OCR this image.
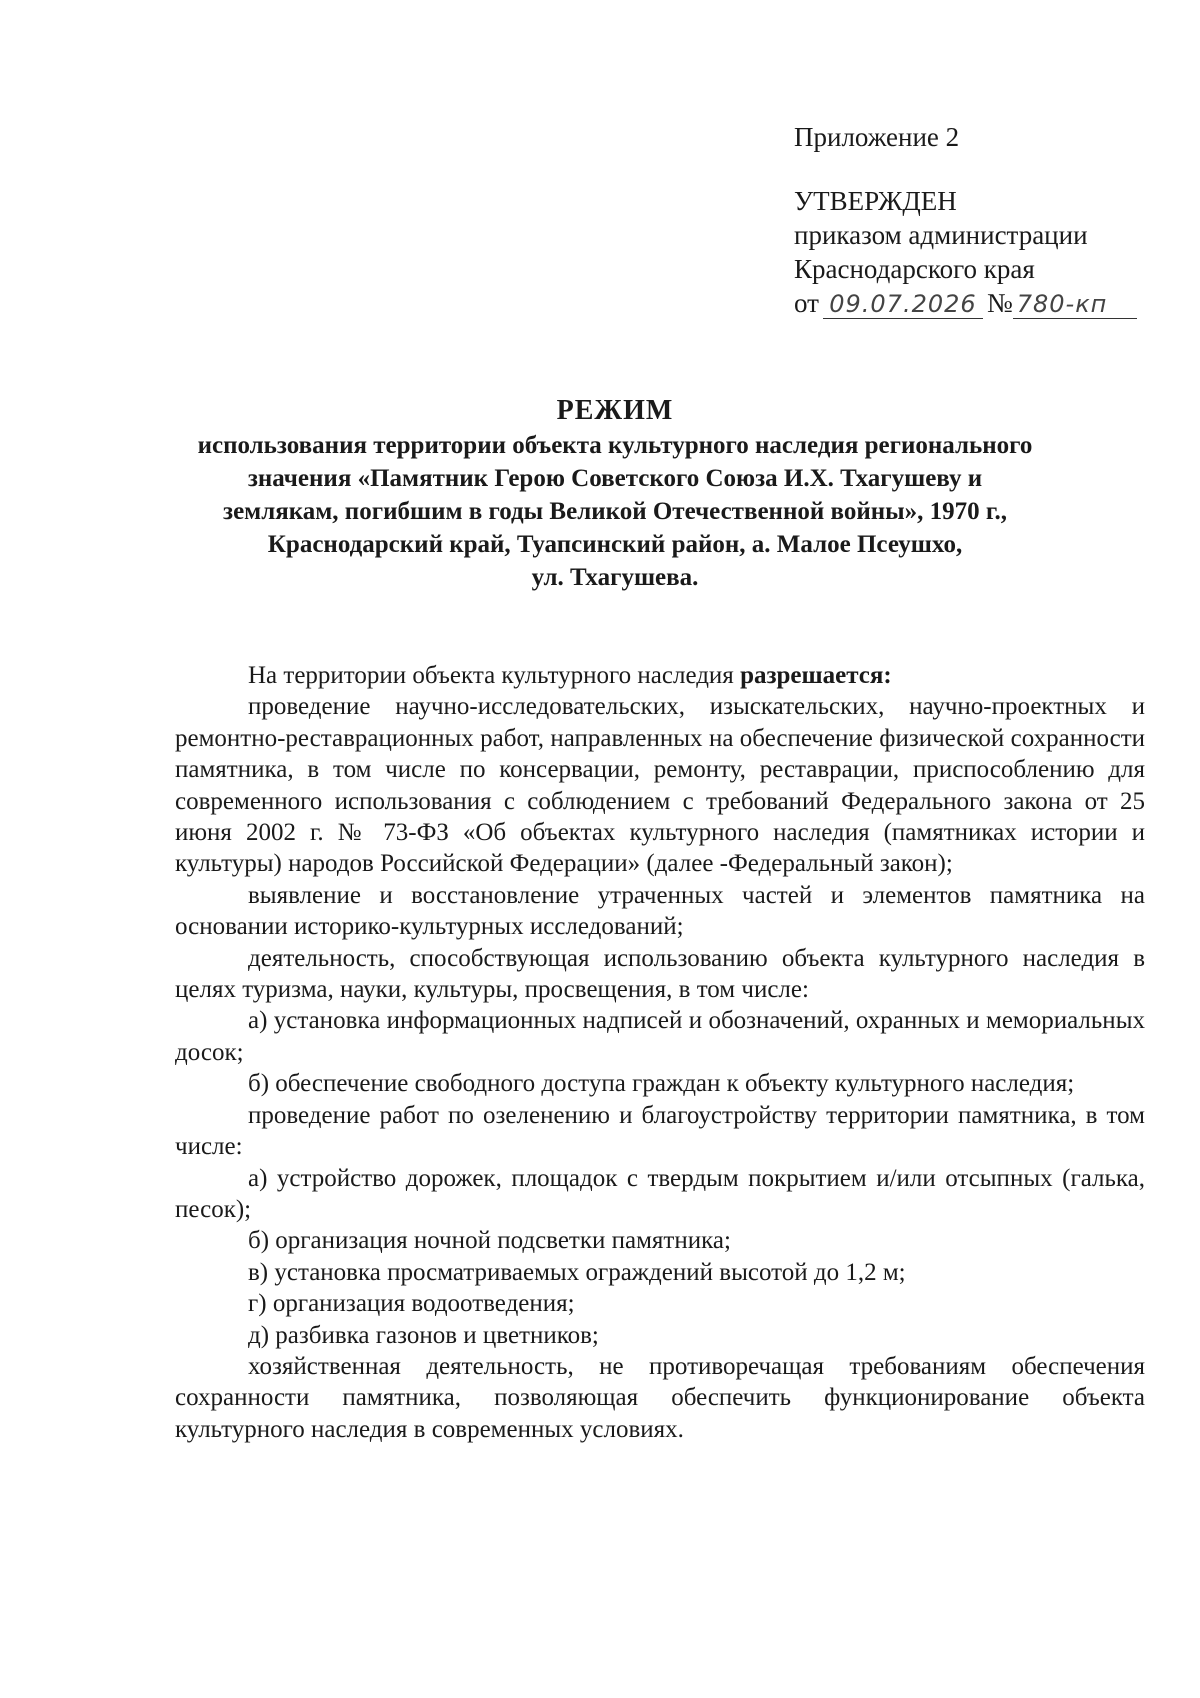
Приложение 2
УТВЕРЖДЕН
приказом администрации
Краснодарского края
от 09.07.2026 № 780-кп
РЕЖИМ
использования территории объекта культурного наследия регионального
значения «Памятник Герою Советского Союза И.Х. Тхагушеву и
землякам, погибшим в годы Великой Отечественной войны», 1970 г.,
Краснодарский край, Туапсинский район, а. Малое Псеушхо,
ул. Тхагушева.

На территории объекта культурного наследия разрешается:

проведение научно-исследовательских, изыскательских, научно-проектных и ремонтно-реставрационных работ, направленных на обеспечение физической сохранности памятника, в том числе по консервации, ремонту, реставрации, приспособлению для современного использования с соблюдением с требований Федерального закона от 25 июня 2002 г. № 73-ФЗ «Об объектах культурного наследия (памятниках истории и культуры) народов Российской Федерации» (далее -Федеральный закон);

выявление и восстановление утраченных частей и элементов памятника на основании историко-культурных исследований;

деятельность, способствующая использованию объекта культурного наследия в целях туризма, науки, культуры, просвещения, в том числе:

а) установка информационных надписей и обозначений, охранных и мемориальных досок;

б) обеспечение свободного доступа граждан к объекту культурного наследия;

проведение работ по озеленению и благоустройству территории памятника, в том числе:

а) устройство дорожек, площадок с твердым покрытием и/или отсыпных (галька, песок);

б) организация ночной подсветки памятника;

в) установка просматриваемых ограждений высотой до 1,2 м;

г) организация водоотведения;

д) разбивка газонов и цветников;

хозяйственная деятельность, не противоречащая требованиям обеспечения сохранности памятника, позволяющая обеспечить функционирование объекта культурного наследия в современных условиях.
